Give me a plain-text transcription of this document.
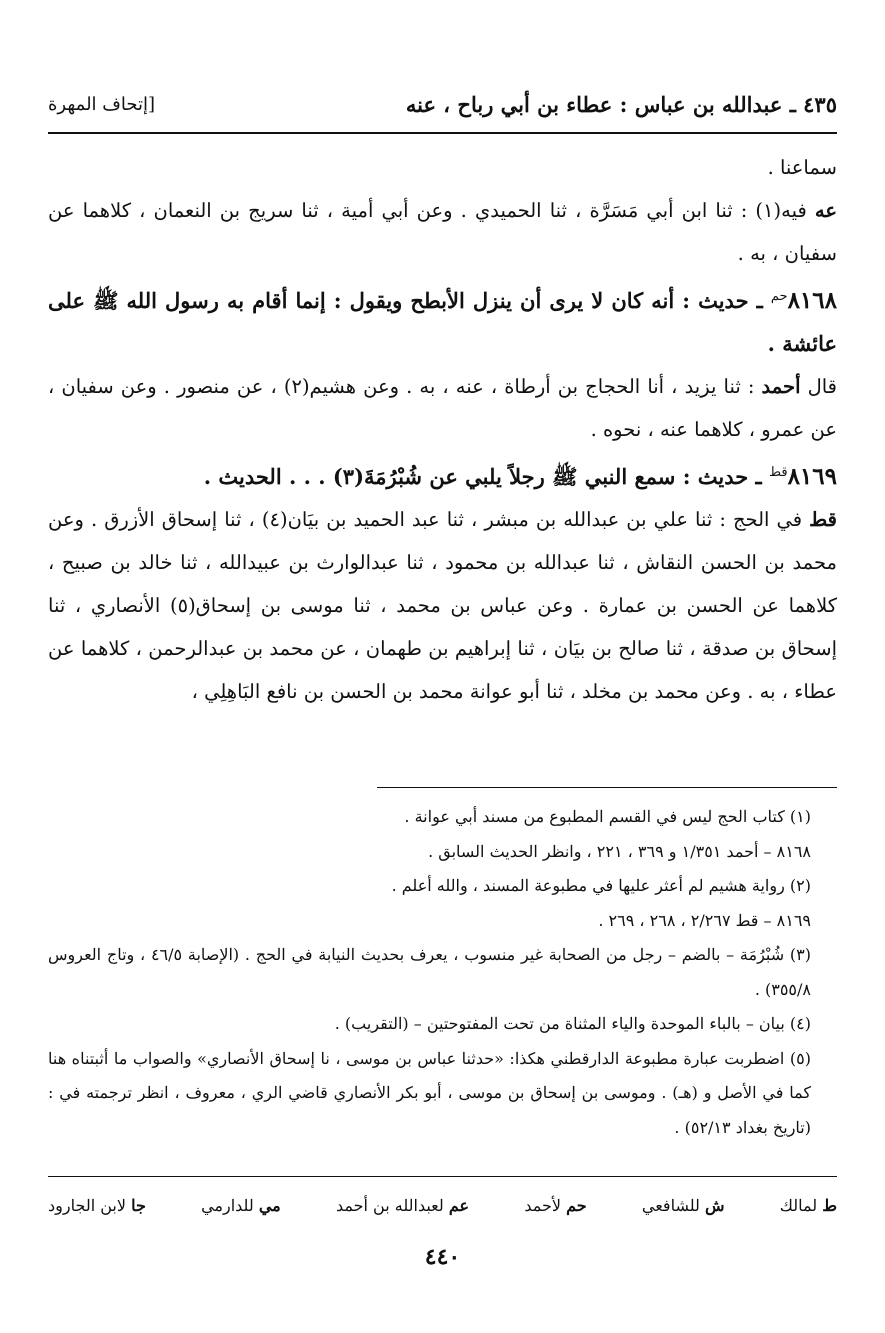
٤٣٥ ـ عبدالله بن عباس : عطاء بن أبي رباح ، عنه
[إتحاف المهرة

سماعنا .

عه فيه(١) : ثنا ابن أبي مَسَرَّة ، ثنا الحميدي . وعن أبي أمية ، ثنا سريج بن النعمان ، كلاهما عن سفيان ، به .

$٨١٦٨^{حم}$ ـ حديث : أنه كان لا يرى أن ينزل الأبطح ويقول : إنما أقام به رسول الله ﷺ على عائشة .

قال أحمد : ثنا يزيد ، أنا الحجاج بن أرطاة ، عنه ، به . وعن هشيم(٢) ، عن منصور . وعن سفيان ، عن عمرو ، كلاهما عنه ، نحوه .

$٨١٦٩^{قط}$ ـ حديث : سمع النبي ﷺ رجلاً يلبي عن شُبْرُمَةَ(٣) . . . الحديث .

قط في الحج : ثنا علي بن عبدالله بن مبشر ، ثنا عبد الحميد بن بيَان(٤) ، ثنا إسحاق الأزرق . وعن محمد بن الحسن النقاش ، ثنا عبدالله بن محمود ، ثنا عبدالوارث بن عبيدالله ، ثنا خالد بن صبيح ، كلاهما عن الحسن بن عمارة . وعن عباس بن محمد ، ثنا موسى بن إسحاق(٥) الأنصاري ، ثنا إسحاق بن صدقة ، ثنا صالح بن بيَان ، ثنا إبراهيم بن طهمان ، عن محمد بن عبدالرحمن ، كلاهما عن عطاء ، به . وعن محمد بن مخلد ، ثنا أبو عوانة محمد بن الحسن بن نافع البَاهِلِي ،

(١) كتاب الحج ليس في القسم المطبوع من مسند أبي عوانة .

٨١٦٨ – أحمد ١/٣٥١ و ٣٦٩ ، ٢٢١ ، وانظر الحديث السابق .

(٢) رواية هشيم لم أعثر عليها في مطبوعة المسند ، والله أعلم .

٨١٦٩ – قط ٢/٢٦٧ ، ٢٦٨ ، ٢٦٩ .

(٣) شُبْرُمَة – بالضم – رجل من الصحابة غير منسوب ، يعرف بحديث النيابة في الحج . (الإصابة ٤٦/٥ ، وتاج العروس ٣٥٥/٨) .

(٤) بيان – بالباء الموحدة والياء المثناة من تحت المفتوحتين – (التقريب) .

(٥) اضطربت عبارة مطبوعة الدارقطني هكذا: «حدثنا عباس بن موسى ، نا إسحاق الأنصاري» والصواب ما أثبتناه هنا كما في الأصل و (هـ) . وموسى بن إسحاق بن موسى ، أبو بكر الأنصاري قاضي الري ، معروف ، انظر ترجمته في : (تاريخ بغداد ٥٢/١٣) .

ط لمالك
ش للشافعي
حم لأحمد
عم لعبدالله بن أحمد
مي للدارمي
جا لابن الجارود
٤٤٠
